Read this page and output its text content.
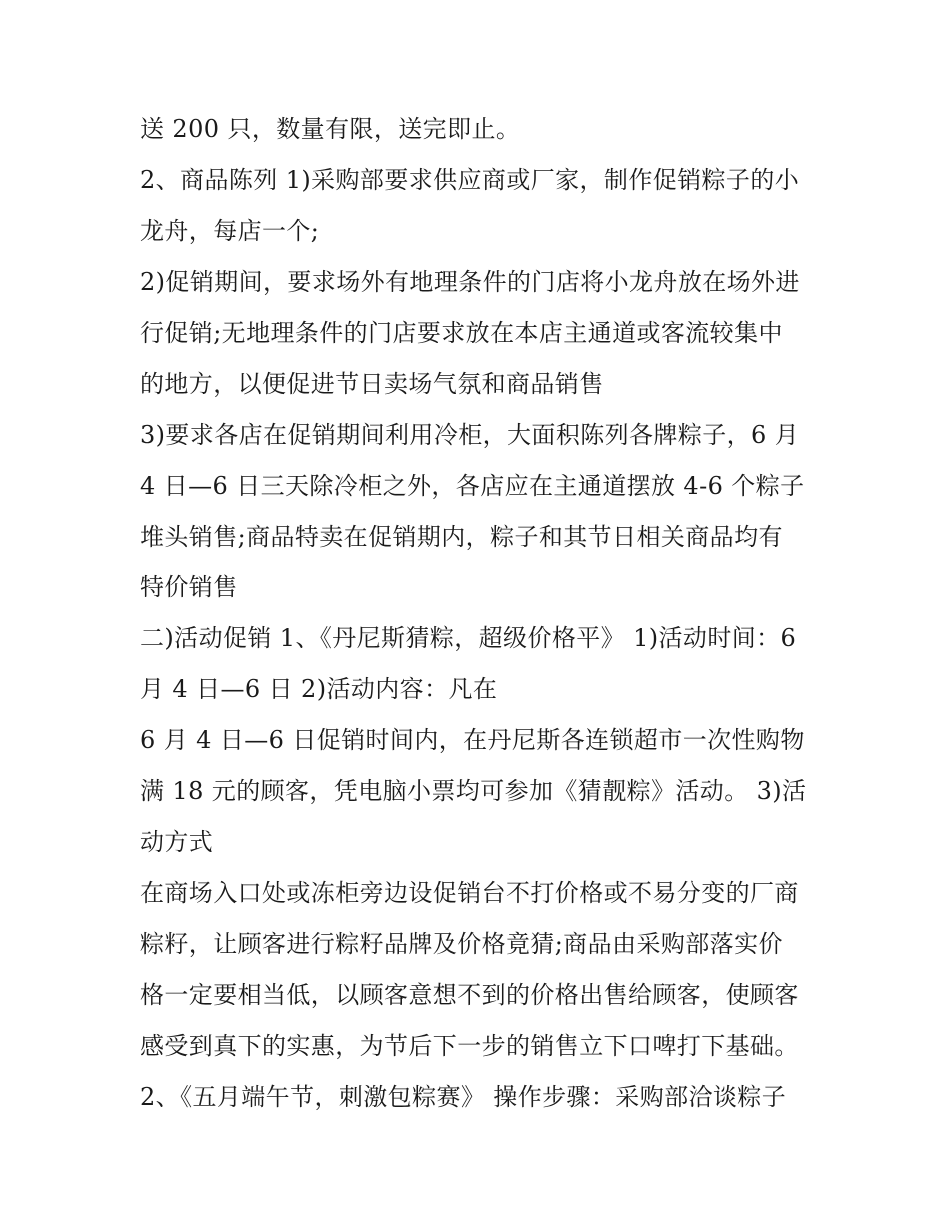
送 200 只，数量有限，送完即止。
2、商品陈列 1)采购部要求供应商或厂家，制作促销粽子的小
龙舟，每店一个;
2)促销期间，要求场外有地理条件的门店将小龙舟放在场外进
行促销;无地理条件的门店要求放在本店主通道或客流较集中
的地方，以便促进节日卖场气氛和商品销售
3)要求各店在促销期间利用冷柜，大面积陈列各牌粽子，6 月
4 日—6 日三天除冷柜之外，各店应在主通道摆放 4-6 个粽子
堆头销售;商品特卖在促销期内，粽子和其节日相关商品均有
特价销售
二)活动促销 1、《丹尼斯猜粽，超级价格平》 1)活动时间：6
月 4 日—6 日 2)活动内容：凡在
6 月 4 日—6 日促销时间内，在丹尼斯各连锁超市一次性购物
满 18 元的顾客，凭电脑小票均可参加《猜靓粽》活动。 3)活
动方式
在商场入口处或冻柜旁边设促销台不打价格或不易分变的厂商
粽籽，让顾客进行粽籽品牌及价格竟猜;商品由采购部落实价
格一定要相当低，以顾客意想不到的价格出售给顾客，使顾客
感受到真下的实惠，为节后下一步的销售立下口啤打下基础。
2、《五月端午节，刺激包粽赛》 操作步骤：采购部洽谈粽子
